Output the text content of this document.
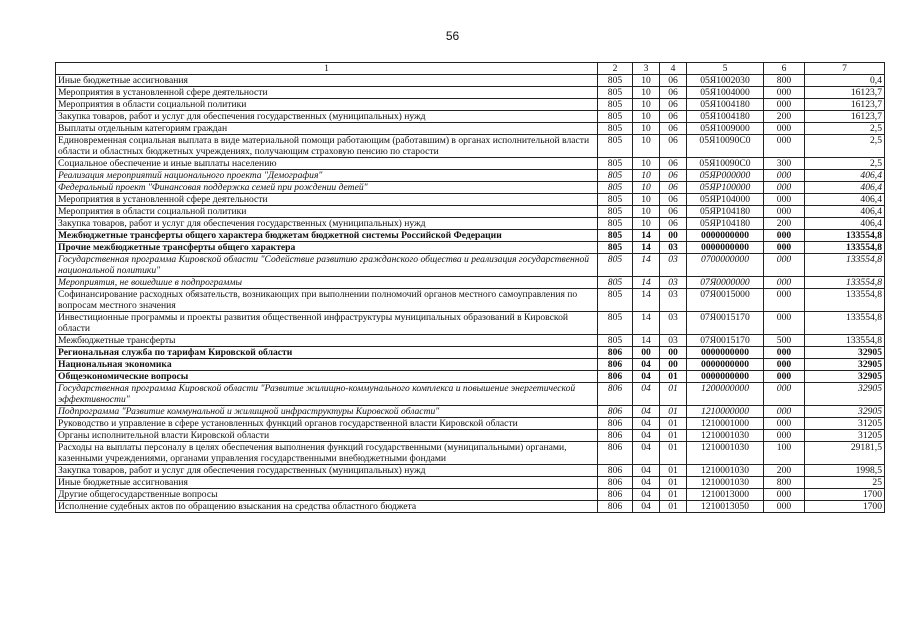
56
1	2	3	4	5	6	7
Иные бюджетные ассигнования	805	10	06	05Я1002030	800	0,4
Мероприятия в установленной сфере деятельности	805	10	06	05Я1004000	000	16123,7
Мероприятия в области социальной политики	805	10	06	05Я1004180	000	16123,7
Закупка товаров, работ и услуг для обеспечения государственных (муниципальных) нужд	805	10	06	05Я1004180	200	16123,7
Выплаты отдельным категориям граждан	805	10	06	05Я1009000	000	2,5
Единовременная социальная выплата в виде материальной помощи работающим (работавшим) в органах исполнительной власти области и областных бюджетных учреждениях, получающим страховую пенсию по старости	805	10	06	05Я10090С0	000	2,5
Социальное обеспечение и иные выплаты населению	805	10	06	05Я10090С0	300	2,5
Реализация мероприятий национального проекта "Демография"	805	10	06	05ЯР000000	000	406,4
Федеральный проект "Финансовая поддержка семей при рождении детей"	805	10	06	05ЯР100000	000	406,4
Мероприятия в установленной сфере деятельности	805	10	06	05ЯР104000	000	406,4
Мероприятия в области социальной политики	805	10	06	05ЯР104180	000	406,4
Закупка товаров, работ и услуг для обеспечения государственных (муниципальных) нужд	805	10	06	05ЯР104180	200	406,4
Межбюджетные трансферты общего характера бюджетам бюджетной системы Российской Федерации	805	14	00	0000000000	000	133554,8
Прочие межбюджетные трансферты общего характера	805	14	03	0000000000	000	133554,8
Государственная программа Кировской области "Содействие развитию гражданского общества и реализация государственной национальной политики"	805	14	03	0700000000	000	133554,8
Мероприятия, не вошедшие в подпрограммы	805	14	03	07Я0000000	000	133554,8
Софинансирование расходных обязательств, возникающих при выполнении полномочий органов местного самоуправления по вопросам местного значения	805	14	03	07Я0015000	000	133554,8
Инвестиционные программы и проекты развития общественной инфраструктуры муниципальных образований в Кировской области	805	14	03	07Я0015170	000	133554,8
Межбюджетные трансферты	805	14	03	07Я0015170	500	133554,8
Региональная служба по тарифам Кировской области	806	00	00	0000000000	000	32905
Национальная экономика	806	04	00	0000000000	000	32905
Общеэкономические вопросы	806	04	01	0000000000	000	32905
Государственная программа Кировской области "Развитие жилищно-коммунального комплекса и повышение энергетической эффективности"	806	04	01	1200000000	000	32905
Подпрограмма "Развитие коммунальной и жилищной инфраструктуры Кировской области"	806	04	01	1210000000	000	32905
Руководство и управление в сфере установленных функций органов государственной власти Кировской области	806	04	01	1210001000	000	31205
Органы исполнительной власти Кировской области	806	04	01	1210001030	000	31205
Расходы на выплаты персоналу в целях обеспечения выполнения функций государственными (муниципальными) органами, казенными учреждениями, органами управления государственными внебюджетными фондами	806	04	01	1210001030	100	29181,5
Закупка товаров, работ и услуг для обеспечения государственных (муниципальных) нужд	806	04	01	1210001030	200	1998,5
Иные бюджетные ассигнования	806	04	01	1210001030	800	25
Другие общегосударственные вопросы	806	04	01	1210013000	000	1700
Исполнение судебных актов по обращению взыскания на средства областного бюджета	806	04	01	1210013050	000	1700
